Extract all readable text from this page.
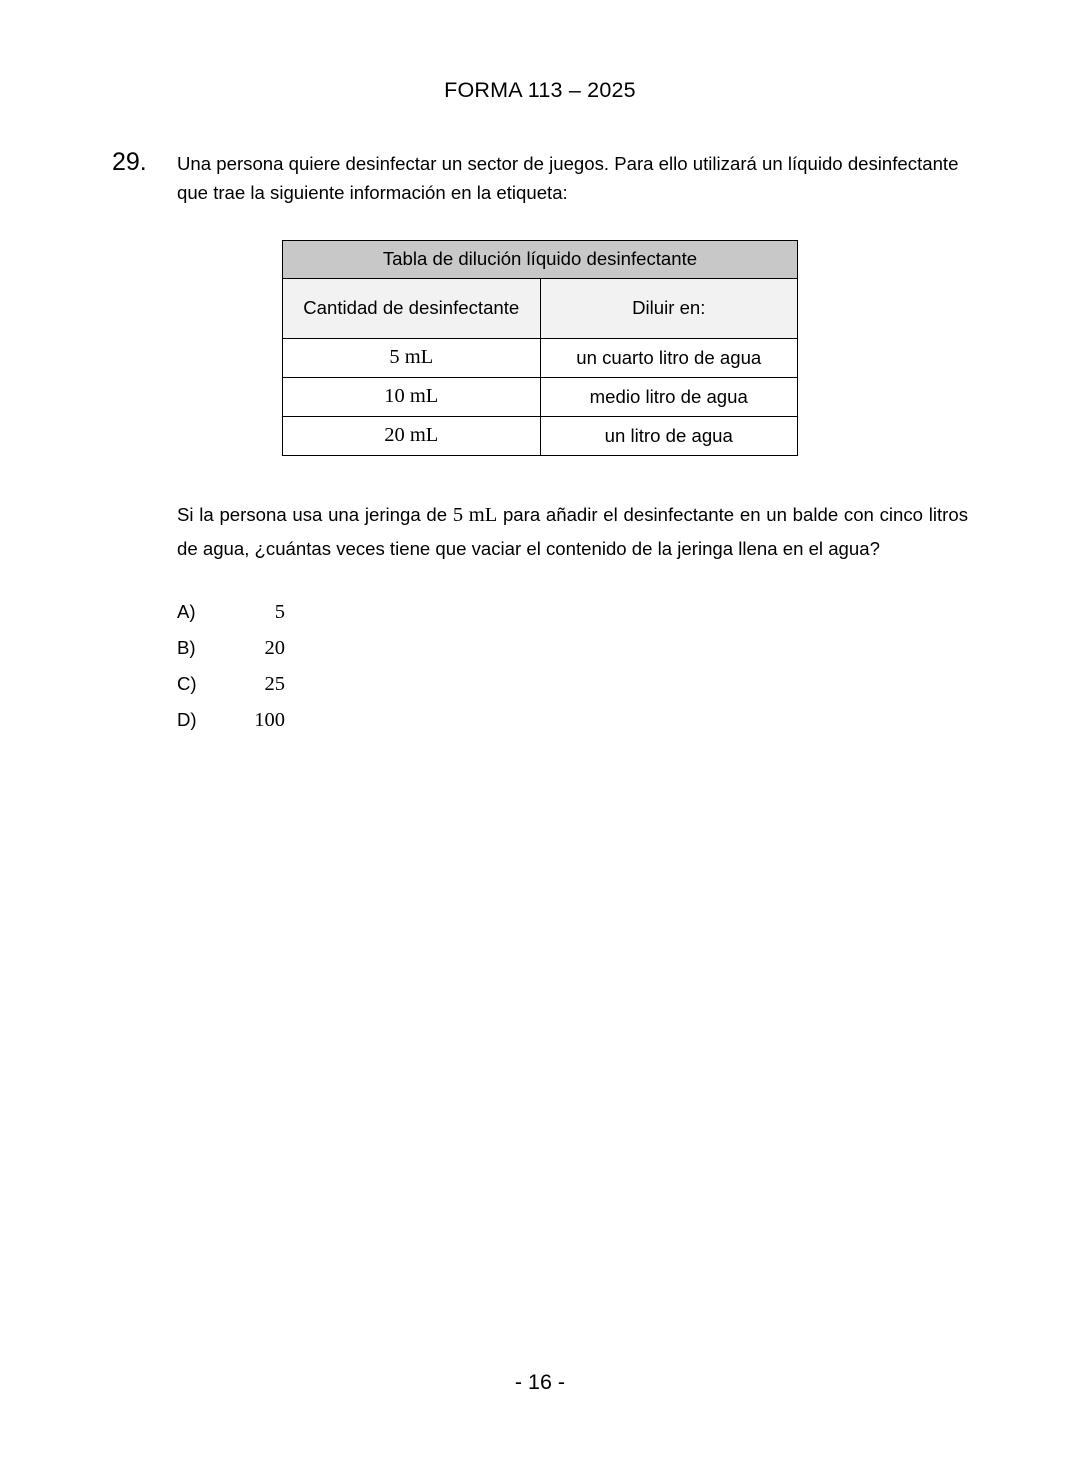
FORMA 113 – 2025
29. Una persona quiere desinfectar un sector de juegos. Para ello utilizará un líquido desinfectante que trae la siguiente información en la etiqueta:
Tabla de dilución líquido desinfectante	
Cantidad de desinfectante	Diluir en:
5 mL	un cuarto litro de agua
10 mL	medio litro de agua
20 mL	un litro de agua
Si la persona usa una jeringa de 5 mL para añadir el desinfectante en un balde con cinco litros de agua, ¿cuántas veces tiene que vaciar el contenido de la jeringa llena en el agua?
A)	5
B)	20
C)	25
D)	100
- 16 -
